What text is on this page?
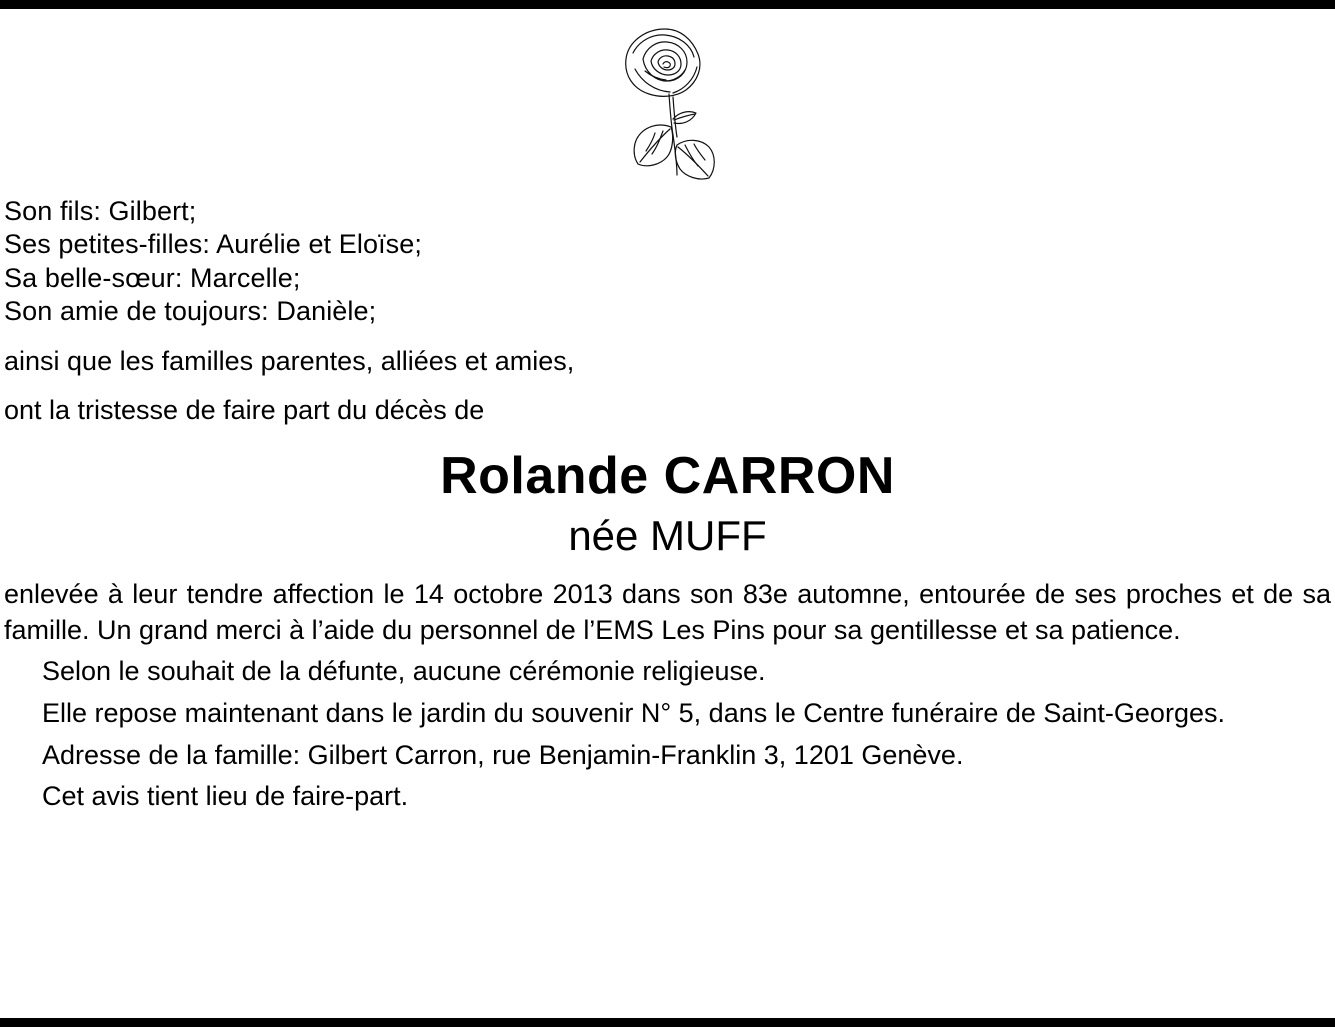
Son fils: Gilbert;
Ses petites-filles: Aurélie et Eloïse;
Sa belle-sœur: Marcelle;
Son amie de toujours: Danièle;
ainsi que les familles parentes, alliées et amies,
ont la tristesse de faire part du décès de
Rolande CARRON
née MUFF

enlevée à leur tendre affection le 14 octobre 2013 dans son 83e automne, entourée de ses proches et de sa famille. Un grand merci à l’aide du personnel de l’EMS Les Pins pour sa gentillesse et sa patience.

Selon le souhait de la défunte, aucune cérémonie religieuse.

Elle repose maintenant dans le jardin du souvenir N° 5, dans le Centre funéraire de Saint-Georges.

Adresse de la famille: Gilbert Carron, rue Benjamin-Franklin 3, 1201 Genève.

Cet avis tient lieu de faire-part.
